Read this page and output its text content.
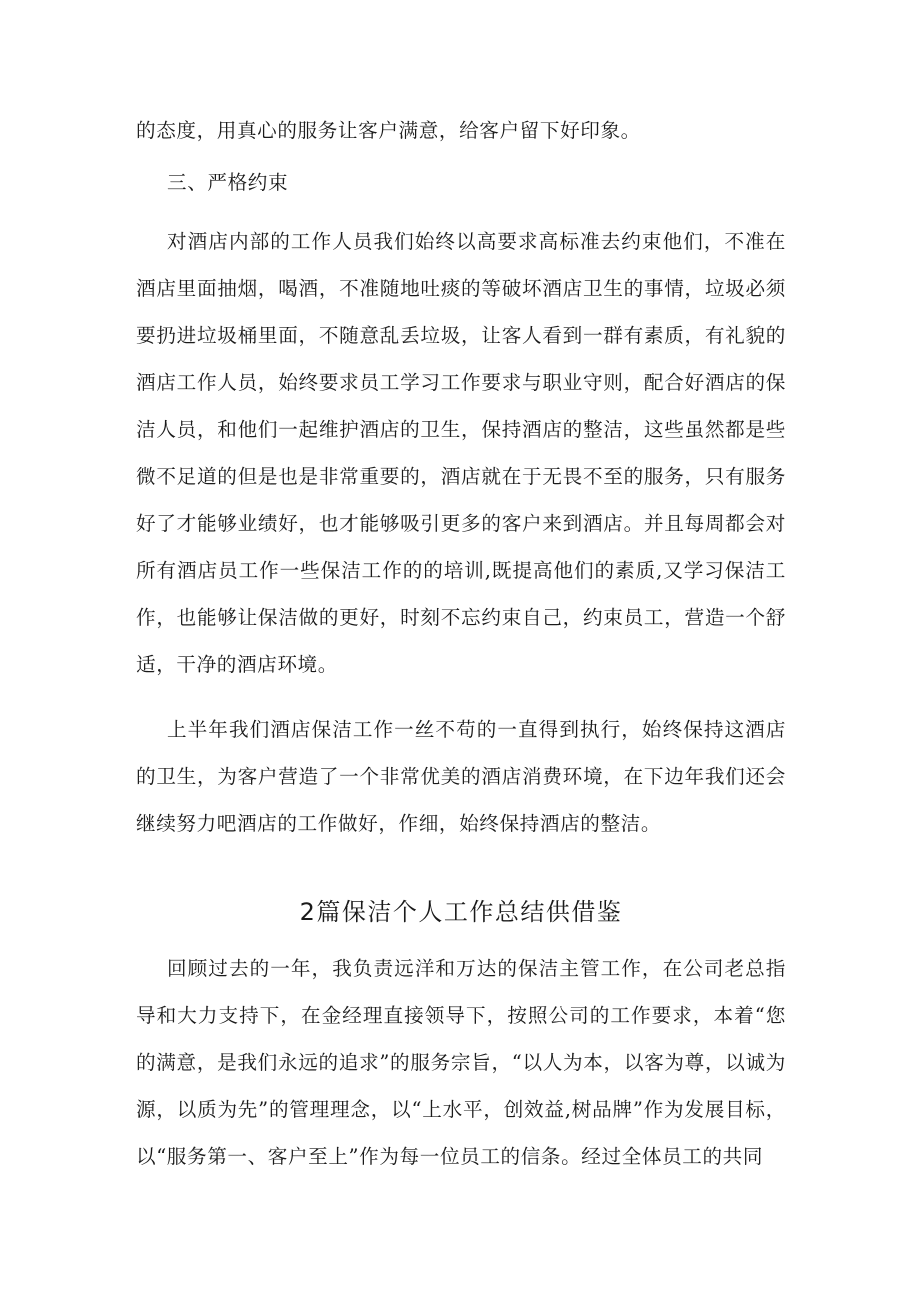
的态度，用真心的服务让客户满意，给客户留下好印象。

三、严格约束

对酒店内部的工作人员我们始终以高要求高标准去约束他们，不准在酒店里面抽烟，喝酒，不准随地吐痰的等破坏酒店卫生的事情，垃圾必须要扔进垃圾桶里面，不随意乱丢垃圾，让客人看到一群有素质，有礼貌的酒店工作人员，始终要求员工学习工作要求与职业守则，配合好酒店的保洁人员，和他们一起维护酒店的卫生，保持酒店的整洁，这些虽然都是些微不足道的但是也是非常重要的，酒店就在于无畏不至的服务，只有服务好了才能够业绩好，也才能够吸引更多的客户来到酒店。并且每周都会对所有酒店员工作一些保洁工作的的培训,既提高他们的素质,又学习保洁工作，也能够让保洁做的更好，时刻不忘约束自己，约束员工，营造一个舒适，干净的酒店环境。

上半年我们酒店保洁工作一丝不苟的一直得到执行，始终保持这酒店的卫生，为客户营造了一个非常优美的酒店消费环境，在下边年我们还会继续努力吧酒店的工作做好，作细，始终保持酒店的整洁。

2篇保洁个人工作总结供借鉴

回顾过去的一年，我负责远洋和万达的保洁主管工作，在公司老总指导和大力支持下，在金经理直接领导下，按照公司的工作要求，本着“您的满意，是我们永远的追求”的服务宗旨，“以人为本，以客为尊，以诚为源，以质为先”的管理理念，以“上水平，创效益,树品牌”作为发展目标，以“服务第一、客户至上”作为每一位员工的信条。经过全体员工的共同
